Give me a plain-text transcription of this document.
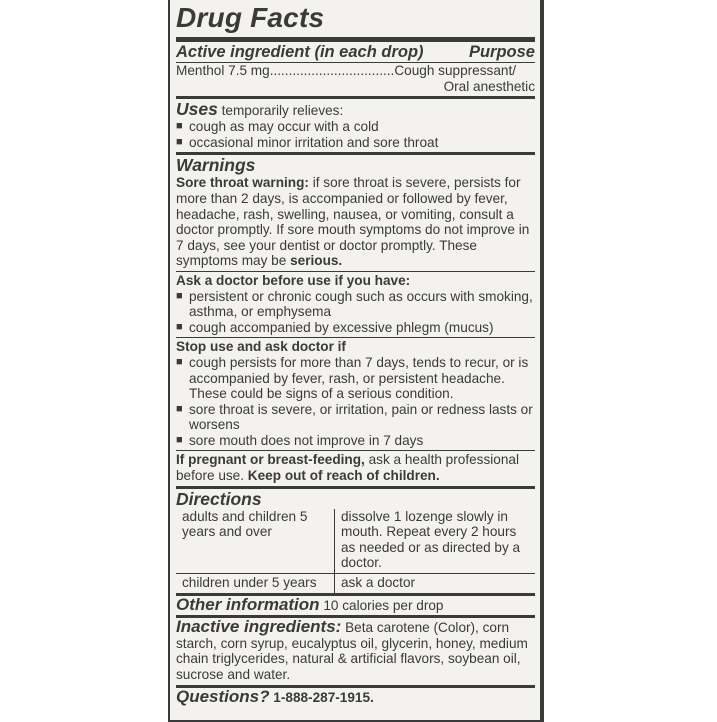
Drug Facts
Active ingredient (in each drop)	Purpose
Menthol 7.5 mg.................................Cough suppressant/
Oral anesthetic
Uses temporarily relieves:
■ cough as may occur with a cold
■ occasional minor irritation and sore throat
Warnings
Sore throat warning: if sore throat is severe, persists for more than 2 days, is accompanied or followed by fever, headache, rash, swelling, nausea, or vomiting, consult a doctor promptly. If sore mouth symptoms do not improve in 7 days, see your dentist or doctor promptly. These symptoms may be serious.
Ask a doctor before use if you have:
■ persistent or chronic cough such as occurs with smoking, asthma, or emphysema
■ cough accompanied by excessive phlegm (mucus)
Stop use and ask doctor if
■ cough persists for more than 7 days, tends to recur, or is accompanied by fever, rash, or persistent headache. These could be signs of a serious condition.
■ sore throat is severe, or irritation, pain or redness lasts or worsens
■ sore mouth does not improve in 7 days
If pregnant or breast-feeding, ask a health professional before use. Keep out of reach of children.
Directions
adults and children 5 years and over	dissolve 1 lozenge slowly in mouth. Repeat every 2 hours as needed or as directed by a doctor.
children under 5 years	ask a doctor
Other information 10 calories per drop
Inactive ingredients: Beta carotene (Color), corn starch, corn syrup, eucalyptus oil, glycerin, honey, medium chain triglycerides, natural & artificial flavors, soybean oil, sucrose and water.
Questions? 1-888-287-1915.
